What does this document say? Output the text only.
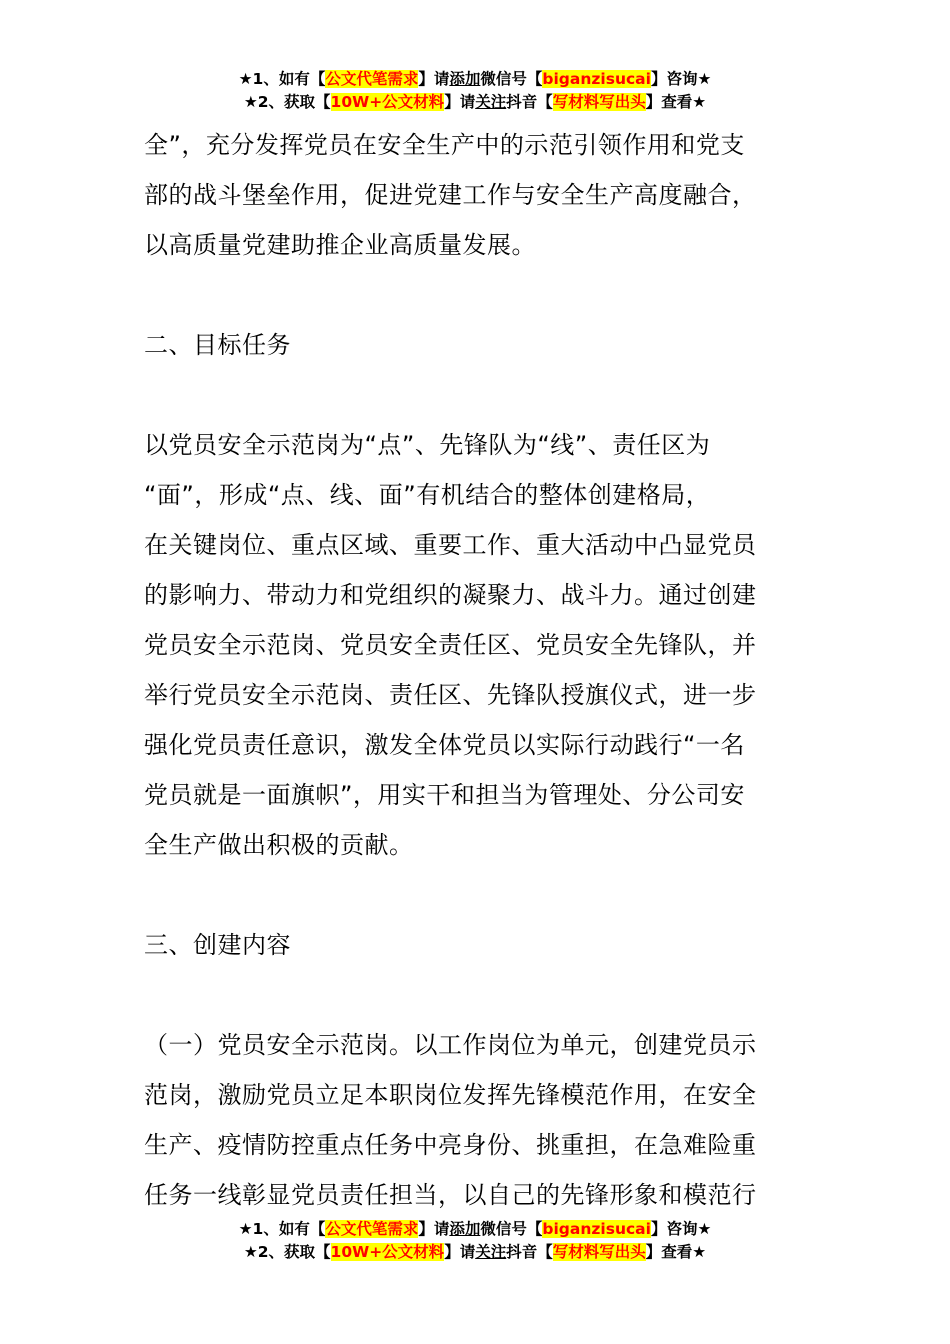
★1、如有【公文代笔需求】请添加微信号【biganzisucai】咨询★
★2、获取【10W+公文材料】请关注抖音【写材料写出头】查看★

全”，充分发挥党员在安全生产中的示范引领作用和党支
部的战斗堡垒作用，促进党建工作与安全生产高度融合，
以高质量党建助推企业高质量发展。

二、目标任务

以党员安全示范岗为“点”、先锋队为“线”、责任区为
“面”，形成“点、线、面”有机结合的整体创建格局，
在关键岗位、重点区域、重要工作、重大活动中凸显党员
的影响力、带动力和党组织的凝聚力、战斗力。通过创建
党员安全示范岗、党员安全责任区、党员安全先锋队，并
举行党员安全示范岗、责任区、先锋队授旗仪式，进一步
强化党员责任意识，激发全体党员以实际行动践行“一名
党员就是一面旗帜”，用实干和担当为管理处、分公司安
全生产做出积极的贡献。

三、创建内容

（一）党员安全示范岗。以工作岗位为单元，创建党员示
范岗，激励党员立足本职岗位发挥先锋模范作用，在安全
生产、疫情防控重点任务中亮身份、挑重担，在急难险重
任务一线彰显党员责任担当，以自己的先锋形象和模范行

★1、如有【公文代笔需求】请添加微信号【biganzisucai】咨询★
★2、获取【10W+公文材料】请关注抖音【写材料写出头】查看★
